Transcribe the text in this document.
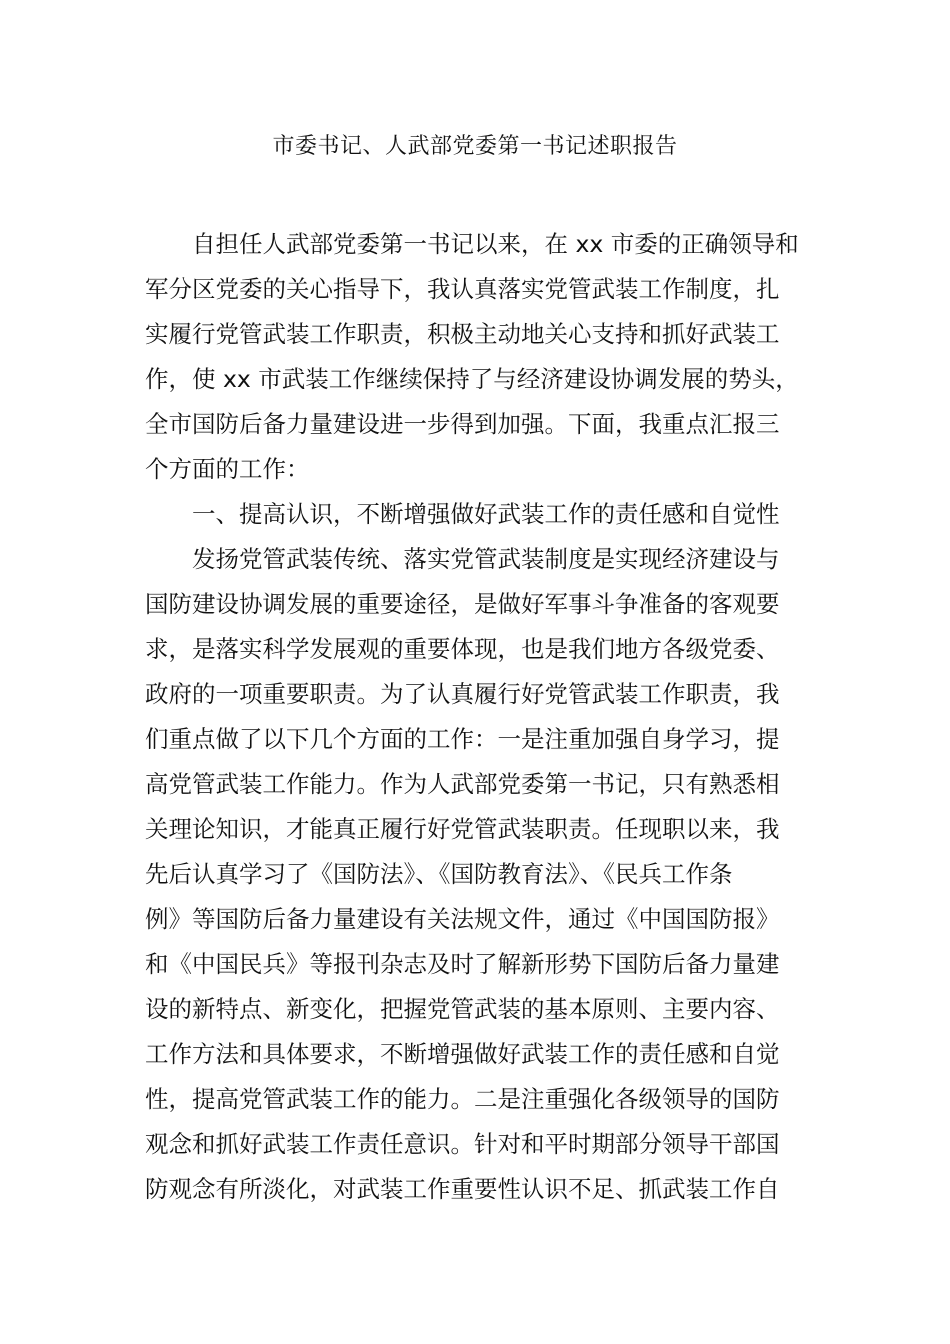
市委书记、人武部党委第一书记述职报告
自担任人武部党委第一书记以来，在 xx 市委的正确领导和
军分区党委的关心指导下，我认真落实党管武装工作制度，扎
实履行党管武装工作职责，积极主动地关心支持和抓好武装工
作，使 xx 市武装工作继续保持了与经济建设协调发展的势头，
全市国防后备力量建设进一步得到加强。下面，我重点汇报三
个方面的工作：
一、提高认识，不断增强做好武装工作的责任感和自觉性
发扬党管武装传统、落实党管武装制度是实现经济建设与
国防建设协调发展的重要途径，是做好军事斗争准备的客观要
求，是落实科学发展观的重要体现，也是我们地方各级党委、
政府的一项重要职责。为了认真履行好党管武装工作职责，我
们重点做了以下几个方面的工作：一是注重加强自身学习，提
高党管武装工作能力。作为人武部党委第一书记，只有熟悉相
关理论知识，才能真正履行好党管武装职责。任现职以来，我
先后认真学习了《国防法》、《国防教育法》、《民兵工作条
例》等国防后备力量建设有关法规文件，通过《中国国防报》
和《中国民兵》等报刊杂志及时了解新形势下国防后备力量建
设的新特点、新变化，把握党管武装的基本原则、主要内容、
工作方法和具体要求，不断增强做好武装工作的责任感和自觉
性，提高党管武装工作的能力。二是注重强化各级领导的国防
观念和抓好武装工作责任意识。针对和平时期部分领导干部国
防观念有所淡化，对武装工作重要性认识不足、抓武装工作自
